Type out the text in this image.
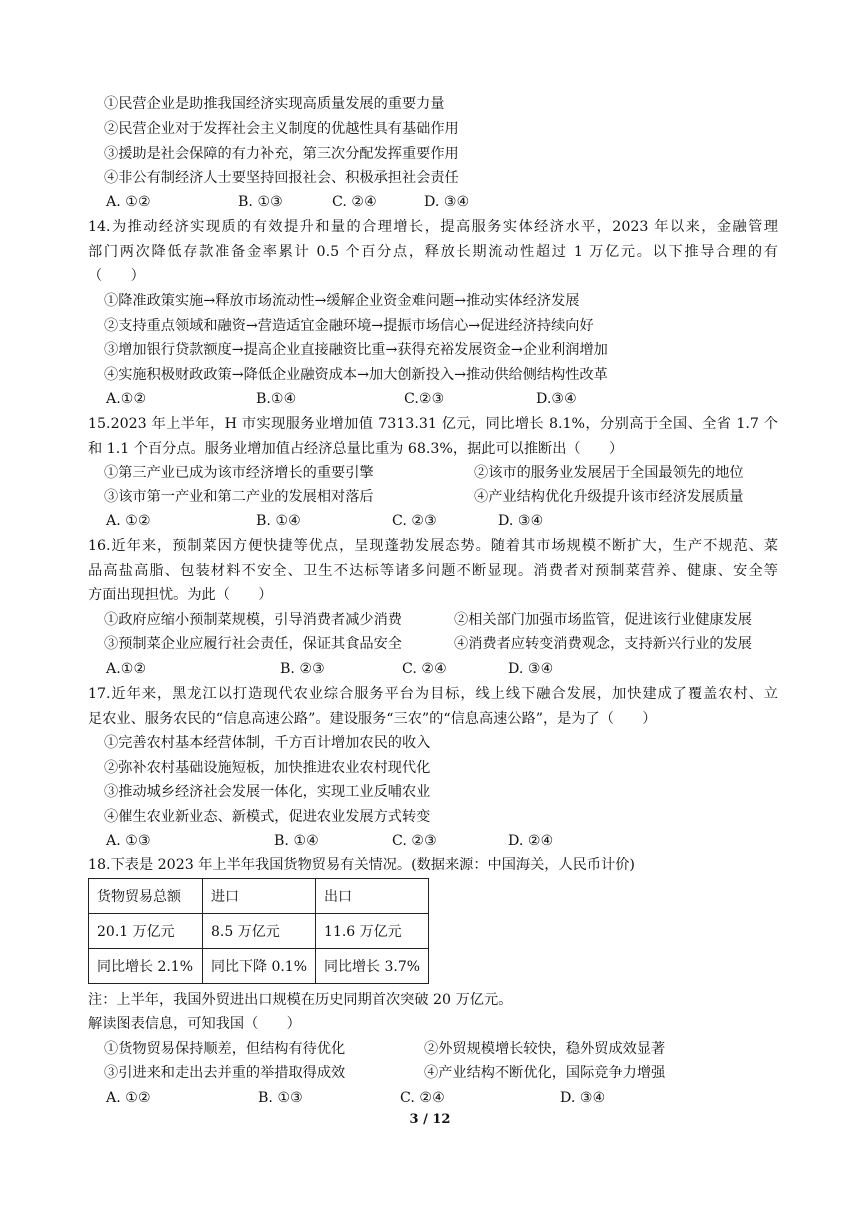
①民营企业是助推我国经济实现高质量发展的重要力量
②民营企业对于发挥社会主义制度的优越性具有基础作用
③援助是社会保障的有力补充，第三次分配发挥重要作用
④非公有制经济人士要坚持回报社会、积极承担社会责任
A. ①②	B. ①③	C. ②④	D. ③④
14.为推动经济实现质的有效提升和量的合理增长，提高服务实体经济水平，2023 年以来，金融管理
部门两次降低存款准备金率累计 0.5 个百分点，释放长期流动性超过 1 万亿元。以下推导合理的有
（　　）
①降准政策实施→释放市场流动性→缓解企业资金难问题→推动实体经济发展
②支持重点领域和融资→营造适宜金融环境→提振市场信心→促进经济持续向好
③增加银行贷款额度→提高企业直接融资比重→获得充裕发展资金→企业利润增加
④实施积极财政政策→降低企业融资成本→加大创新投入→推动供给侧结构性改革
A.①②	B.①④	C.②③	D.③④
15.2023 年上半年，H 市实现服务业增加值 7313.31 亿元，同比增长 8.1%，分别高于全国、全省 1.7 个
和 1.1 个百分点。服务业增加值占经济总量比重为 68.3%，据此可以推断出（　　）
①第三产业已成为该市经济增长的重要引擎	②该市的服务业发展居于全国最领先的地位
③该市第一产业和第二产业的发展相对落后	④产业结构优化升级提升该市经济发展质量
A. ①②	B. ①④	C. ②③	D. ③④
16.近年来，预制菜因方便快捷等优点，呈现蓬勃发展态势。随着其市场规模不断扩大，生产不规范、菜
品高盐高脂、包装材料不安全、卫生不达标等诸多问题不断显现。消费者对预制菜营养、健康、安全等
方面出现担忧。为此（　　）
①政府应缩小预制菜规模，引导消费者减少消费	②相关部门加强市场监管，促进该行业健康发展
③预制菜企业应履行社会责任，保证其食品安全	④消费者应转变消费观念，支持新兴行业的发展
A.①②	B. ②③	C. ②④	D. ③④
17.近年来，黑龙江以打造现代农业综合服务平台为目标，线上线下融合发展，加快建成了覆盖农村、立
足农业、服务农民的“信息高速公路”。建设服务“三农”的“信息高速公路”，是为了（　　）
①完善农村基本经营体制，千方百计增加农民的收入
②弥补农村基础设施短板，加快推进农业农村现代化
③推动城乡经济社会发展一体化，实现工业反哺农业
④催生农业新业态、新模式，促进农业发展方式转变
A. ①③	B. ①④	C. ②③	D. ②④
18.下表是 2023 年上半年我国货物贸易有关情况。(数据来源：中国海关，人民币计价)
货物贸易总额	进口	出口
20.1 万亿元	8.5 万亿元	11.6 万亿元
同比增长 2.1%	同比下降 0.1%	同比增长 3.7%
注：上半年，我国外贸进出口规模在历史同期首次突破 20 万亿元。
解读图表信息，可知我国（　　）
①货物贸易保持顺差，但结构有待优化	②外贸规模增长较快，稳外贸成效显著
③引进来和走出去并重的举措取得成效	④产业结构不断优化，国际竞争力增强
A. ①②	B. ①③	C. ②④	D. ③④
3 / 12
